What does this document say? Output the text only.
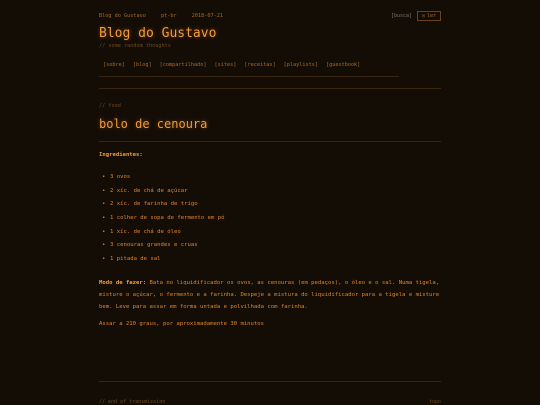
Blog do Gustavo	pt-br	2018-07-21
[busca]	◎ ler
Blog do Gustavo
// some random thoughts
[sobre] [blog] [compartilhado] [sites] [receitas] [playlists] [guestbook]
// food
bolo de cenoura
Ingredientes:
• 3 ovos
• 2 xíc. de chá de açúcar
• 2 xíc. de farinha de trigo
• 1 colher de sopa de fermento em pó
• 1 xíc. de chá de óleo
• 3 cenouras grandes e cruas
• 1 pitada de sal

Modo de fazer: Bata no liquidificador os ovos, as cenouras (em pedaços), o óleo e o sal. Numa tigela, misture o açúcar, o fermento e a farinha. Despeje a mistura do liquidificador para a tigela e misture bem. Leve para assar em forma untada e polvilhada com farinha.

Assar a 210 graus, por aproximadamente 30 minutos

// end of transmission	topo
